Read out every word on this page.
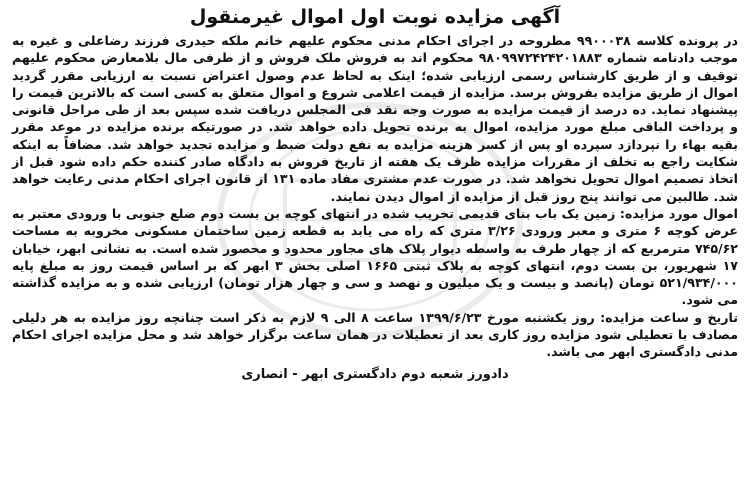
آگهی مزایده نوبت اول اموال غیرمنقول

در پرونده کلاسه ۹۹۰۰۰۳۸ مطروحه در اجرای احکام مدنی محکوم علیهم خانم ملکه حیدری فرزند رضاعلی و غیره به موجب دادنامه شماره ۹۸۰۹۹۷۲۴۲۴۲۰۱۸۸۳ محکوم اند به فروش ملک فروش و از طرفی مال بلامعارض محکوم علیهم توقیف و از طریق کارشناس رسمی ارزیابی شده؛ اینک به لحاظ عدم وصول اعتراض نسبت به ارزیابی مقرر گردید اموال از طریق مزایده بفروش برسد. مزایده از قیمت اعلامی شروع و اموال متعلق به کسی است که بالاترین قیمت را پیشنهاد نماید. ده درصد از قیمت مزایده به صورت وجه نقد فی المجلس دریافت شده سپس بعد از طی مراحل قانونی و پرداخت الباقی مبلغ مورد مزایده، اموال به برنده تحویل داده خواهد شد. در صورتیکه برنده مزایده در موعد مقرر بقیه بهاء را نپردازد سپرده او پس از کسر هزینه مزایده به نفع دولت ضبط و مزایده تجدید خواهد شد. مضافاً به اینکه شکایت راجع به تخلف از مقررات مزایده ظرف یک هفته از تاریخ فروش به دادگاه صادر کننده حکم داده شود قبل از اتخاذ تصمیم اموال تحویل نخواهد شد. در صورت عدم مشتری مفاد ماده ۱۳۱ از قانون اجرای احکام مدنی رعایت خواهد شد. طالبین می توانند پنج روز قبل از مزایده از اموال دیدن نمایند.

اموال مورد مزایده: زمین یک باب بنای قدیمی تخریب شده در انتهای کوچه بن بست دوم ضلع جنوبی با ورودی معتبر به عرض کوچه ۶ متری و معبر ورودی ۳/۲۶ متری که راه می یابد به قطعه زمین ساختمان مسکونی مخروبه به مساحت ۷۴۵/۶۲ مترمربع که از چهار طرف به واسطه دیوار پلاک های مجاور محدود و محصور شده است. به نشانی ابهر، خیابان ۱۷ شهریور، بن بست دوم، انتهای کوچه به پلاک ثبتی ۱۶۶۵ اصلی بخش ۳ ابهر که بر اساس قیمت روز به مبلغ پایه ۵۲۱/۹۳۴/۰۰۰ تومان (پانصد و بیست و یک میلیون و نهصد و سی و چهار هزار تومان) ارزیابی شده و به مزایده گذاشته می شود.

تاریخ و ساعت مزایده: روز یکشنبه مورخ ۱۳۹۹/۶/۲۳ ساعت ۸ الی ۹ لازم به ذکر است چنانچه روز مزایده به هر دلیلی مصادف با تعطیلی شود مزایده روز کاری بعد از تعطیلات در همان ساعت برگزار خواهد شد و محل مزایده اجرای احکام مدنی دادگستری ابهر می باشد.

دادورز شعبه دوم دادگستری ابهر - انصاری
